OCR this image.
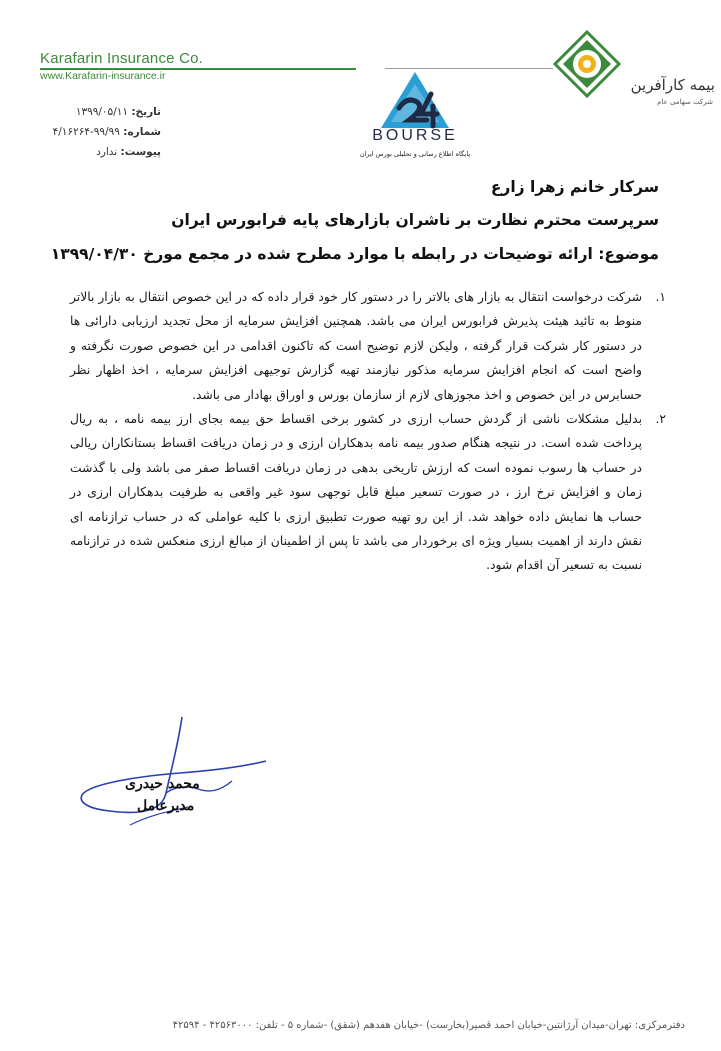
Karafarin Insurance Co.
www.Karafarin-insurance.ir	بیمه کارآفرین
شرکت سهامی عام
BOURSE
پایگاه اطلاع رسانی و تحلیلی بورس ایران
تاریخ: ۱۳۹۹/۰۵/۱۱
شماره: ۹۹/۹۹-۴/۱۶۲۶۴
پیوست: ندارد
سرکار خانم زهرا زارع
سرپرست محترم نظارت بر ناشران بازارهای پایه فرابورس ایران
موضوع: ارائه توضیحات در رابطه با موارد مطرح شده در مجمع مورخ ۱۳۹۹/۰۴/۳۰

۱.
شرکت درخواست انتقال به بازار های بالاتر را در دستور کار خود قرار داده که در این خصوص انتقال به بازار بالاتر منوط به تائید هیئت پذیرش فرابورس ایران می باشد. همچنین افزایش سرمایه از محل تجدید ارزیابی دارائی ها در دستور کار شرکت قرار گرفته ، ولیکن لازم توضیح است که تاکنون اقدامی در این خصوص صورت نگرفته و واضح است که انجام افزایش سرمایه مذکور نیازمند تهیه گزارش توجیهی افزایش سرمایه ، اخذ اظهار نظر حسابرس در این خصوص و اخذ مجوزهای لازم از سازمان بورس و اوراق بهادار می باشد.

۲.
بدلیل مشکلات ناشی از گردش حساب ارزی در کشور برخی اقساط حق بیمه بجای ارز بیمه نامه ، به ریال پرداخت شده است. در نتیجه هنگام صدور بیمه نامه بدهکاران ارزی و در زمان دریافت اقساط بستانکاران ریالی در حساب ها رسوب نموده است که ارزش تاریخی بدهی در زمان دریافت اقساط صفر می باشد ولی با گذشت زمان و افزایش نرخ ارز ، در صورت تسعیر مبلغ قابل توجهی سود غیر واقعی به طرفیت بدهکاران ارزی در حساب ها نمایش داده خواهد شد. از این رو تهیه صورت تطبیق ارزی با کلیه عواملی که در حساب ترازنامه ای نقش دارند از اهمیت بسیار ویژه ای برخوردار می باشد تا پس از اطمینان از مبالغ ارزی منعکس شده در ترازنامه نسبت به تسعیر آن اقدام شود.

محمد حیدری
مدیرعامل
دفترمرکزی: تهران-میدان آرژانتین-خیابان احمد قصیر(بخارست) -خیابان هفدهم (شقق) -شماره ۵ - تلفن: ۴۲۵۶۳۰۰۰ - ۴۲۵۹۴
